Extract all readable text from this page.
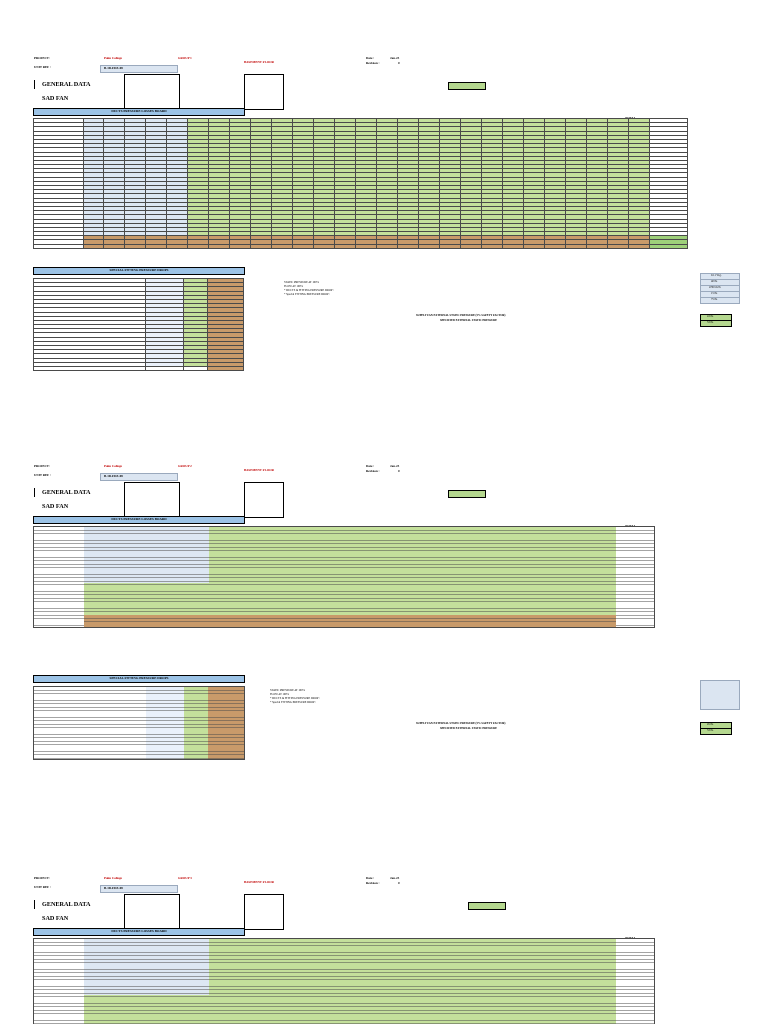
PROJECT:	Palm College	GROUP 1
BASEMENT FLOOR
Date :	Jan-23
Revision :	0
UNIT REF :	B-1D-FDZ-08
GENERAL DATA
SAD FAN
DUCTS PRESSURE LOSSES BOARD

SPECIAL FITTING PRESSURE DROPS

STATIC PRESSURE AT 100%
FLOW AT 100%
* DUCTS & FITTING PRESSURE DROP :
* Special FITTING PRESSURE DROP :
0.11 W.g.
40 Pa
4700 m³/h
15 Pa
75 Pa
SUPPLY FAN EXTERNAL STATIC PRESSURE (5% SAFETY FACTOR)
SPECIFIED EXTERNAL STATIC PRESSURE
43 Pa
53 Pa
PROJECT:	Palm College	GROUP 2
BASEMENT FLOOR
Date :	Jan-23
Revision :	0
UNIT REF :	B-1D-FDZ-08
GENERAL DATA
SAD FAN
DUCTS PRESSURE LOSSES BOARD
SPECIAL FITTING PRESSURE DROPS
STATIC PRESSURE AT 100%
FLOW AT 100%
* DUCTS & FITTING PRESSURE DROP :
* Special FITTING PRESSURE DROP :
SUPPLY FAN EXTERNAL STATIC PRESSURE (5% SAFETY FACTOR)
SPECIFIED EXTERNAL STATIC PRESSURE
45 Pa
53 Pa
PROJECT:	Palm College	GROUP 3
BASEMENT FLOOR
Date :	Jan-23
Revision :	0
UNIT REF :	B-1D-FDZ-08
GENERAL DATA
SAD FAN
DUCTS PRESSURE LOSSES BOARD
